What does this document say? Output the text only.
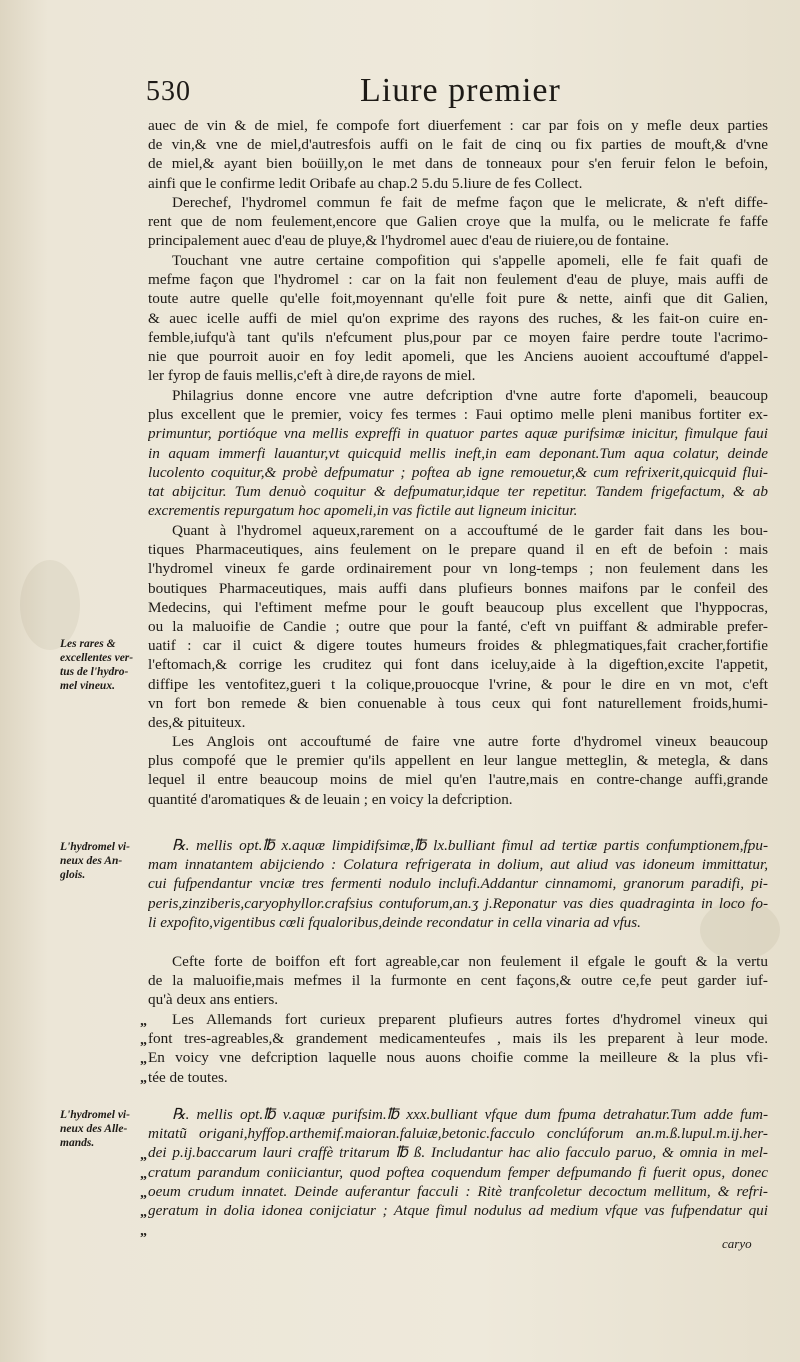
530	Liure premier
auec de vin & de miel, fe compofe fort diuerfement : car par fois on y mefle deux parties
de vin,& vne de miel,d'autresfois auffi on le fait de cinq ou fix parties de mouft,& d'vne
de miel,& ayant bien boüilly,on le met dans de tonneaux pour s'en feruir felon le befoin,
ainfi que le confirme ledit Oribafe au chap.2 5.du 5.liure de fes Collect.
Derechef, l'hydromel commun fe fait de mefme façon que le melicrate, & n'eft diffe-
rent que de nom feulement,encore que Galien croye que la mulfa, ou le melicrate fe faffe
principalement auec d'eau de pluye,& l'hydromel auec d'eau de riuiere,ou de fontaine.
Touchant vne autre certaine compofition qui s'appelle apomeli, elle fe fait quafi de
mefme façon que l'hydromel : car on la fait non feulement d'eau de pluye, mais auffi de
toute autre quelle qu'elle foit,moyennant qu'elle foit pure & nette, ainfi que dit Galien,
& auec icelle auffi de miel qu'on exprime des rayons des ruches, & les fait-on cuire en-
femble,iufqu'à tant qu'ils n'efcument plus,pour par ce moyen faire perdre toute l'acrimo-
nie que pourroit auoir en foy ledit apomeli, que les Anciens auoient accouftumé d'appel-
ler fyrop de fauis mellis,c'eft à dire,de rayons de miel.
Philagrius donne encore vne autre defcription d'vne autre forte d'apomeli, beaucoup
plus excellent que le premier, voicy fes termes : Faui optimo melle pleni manibus fortiter ex-
primuntur, portióque vna mellis expreffi in quatuor partes aquæ purifsimæ inicitur, fimulque faui
in aquam immerfi lauantur,vt quicquid mellis ineft,in eam deponant.Tum aqua colatur, deinde
lucolento coquitur,& probè defpumatur ; poftea ab igne remouetur,& cum refrixerit,quicquid flui-
tat abijcitur. Tum denuò coquitur & defpumatur,idque ter repetitur. Tandem frigefactum, & ab
excrementis repurgatum hoc apomeli,in vas fictile aut ligneum inicitur.
Quant à l'hydromel aqueux,rarement on a accouftumé de le garder fait dans les bou-
tiques Pharmaceutiques, ains feulement on le prepare quand il en eft de befoin : mais
l'hydromel vineux fe garde ordinairement pour vn long-temps ; non feulement dans les
boutiques Pharmaceutiques, mais auffi dans plufieurs bonnes maifons par le confeil des
Medecins, qui l'eftiment mefme pour le gouft beaucoup plus excellent que l'hyppocras,
ou la maluoifie de Candie ; outre que pour la fanté, c'eft vn puiffant & admirable prefer-
uatif : car il cuict & digere toutes humeurs froides & phlegmatiques,fait cracher,fortifie
l'eftomach,& corrige les cruditez qui font dans iceluy,aide à la digeftion,excite l'appetit,
diffipe les ventofitez,gueri t la colique,prouocque l'vrine, & pour le dire en vn mot, c'eft
vn fort bon remede & bien conuenable à tous ceux qui font naturellement froids,humi-
des,& pituiteux.
Les rares &
excellentes ver-
tus de l'hydro-
mel vineux.
Les Anglois ont accouftumé de faire vne autre forte d'hydromel vineux beaucoup
plus compofé que le premier qu'ils appellent en leur langue metteglin, & metegla, & dans
lequel il entre beaucoup moins de miel qu'en l'autre,mais en contre-change auffi,grande
quantité d'aromatiques & de leuain ; en voicy la defcription.
L'hydromel vi-
neux des An-
glois.
℞. mellis opt.℔ x.aquæ limpidifsimæ,℔ lx.bulliant fimul ad tertiæ partis confumptionem,fpu-
mam innatantem abijciendo : Colatura refrigerata in dolium, aut aliud vas idoneum immittatur,
cui fufpendantur vnciæ tres fermenti nodulo inclufi.Addantur cinnamomi, granorum paradifi, pi-
peris,zinziberis,caryophyllor.crafsius contuforum,an.ʒ j.Reponatur vas dies quadraginta in loco fo-
li expofito,vigentibus cœli fqualoribus,deinde recondatur in cella vinaria ad vfus.
Cefte forte de boiffon eft fort agreable,car non feulement il efgale le gouft & la vertu
de la maluoifie,mais mefmes il la furmonte en cent façons,& outre ce,fe peut garder iuf-
qu'à deux ans entiers.
Les Allemands fort curieux preparent plufieurs autres fortes d'hydromel vineux qui
font tres-agreables,& grandement medicamenteufes , mais ils les preparent à leur mode.
En voicy vne defcription laquelle nous auons choifie comme la meilleure & la plus vfi-
tée de toutes.
„
„
„
„
L'hydromel vi-
neux des Alle-
mands.
℞. mellis opt.℔ v.aquæ purifsim.℔ xxx.bulliant vfque dum fpuma detrahatur.Tum adde fum-
mitatũ origani,hyffop.arthemif.maioran.faluiæ,betonic.facculo conclúforum an.m.ß.lupul.m.ij.her-
dei p.ij.baccarum lauri craffè tritarum ℔ ß. Includantur hac alio facculo paruo, & omnia in mel-
cratum parandum coniiciantur, quod poftea coquendum femper defpumando fi fuerit opus, donec
oeum crudum innatet. Deinde auferantur facculi : Ritè tranfcoletur decoctum mellitum, & refri-
geratum in dolia idonea conijciatur ; Atque fimul nodulus ad medium vfque vas fufpendatur qui
„
„
„
„
„
caryo
